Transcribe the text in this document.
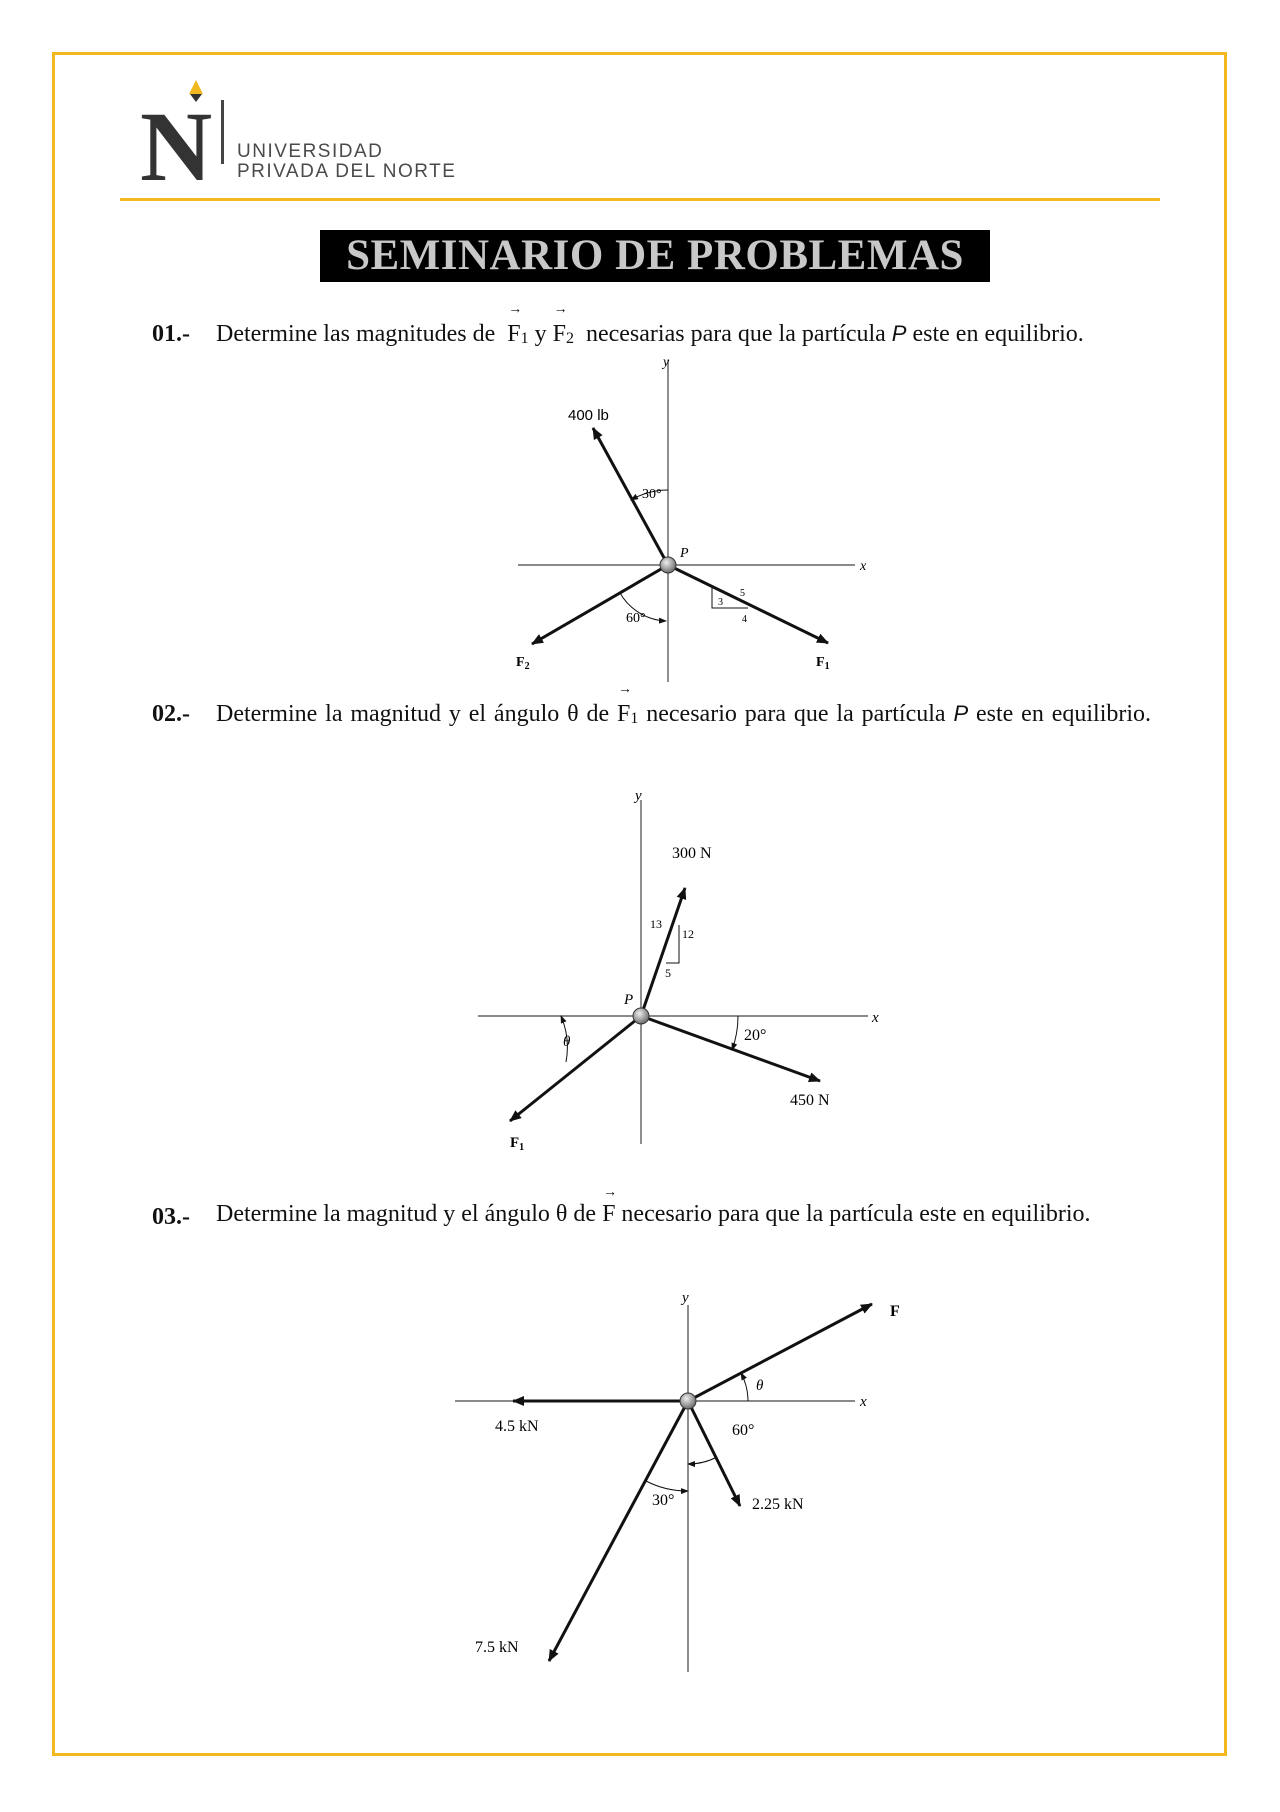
N UNIVERSIDAD
PRIVADA DEL NORTE
SEMINARIO DE PROBLEMAS
01.- Determine las magnitudes de → $F_1$ $y \to F_2$ necesarias para que la partícula P este en equilibrio.
x
y
400 lb
30°
60°
$F_2$
3
5
4
$F_1$
P
02.- Determine la magnitud y el ángulo θ de → $F_1$ necesario para que la partícula P este en equilibrio.
x
y
300 N
13
12
5
20°
450 N
θ
$F_1$
P
03.- Determine la magnitud y el ángulo θ de → F necesario para que la partícula este en equilibrio.
x
y
F
θ
4.5 kN	60°
2.25 kN
30°
7.5 kN
